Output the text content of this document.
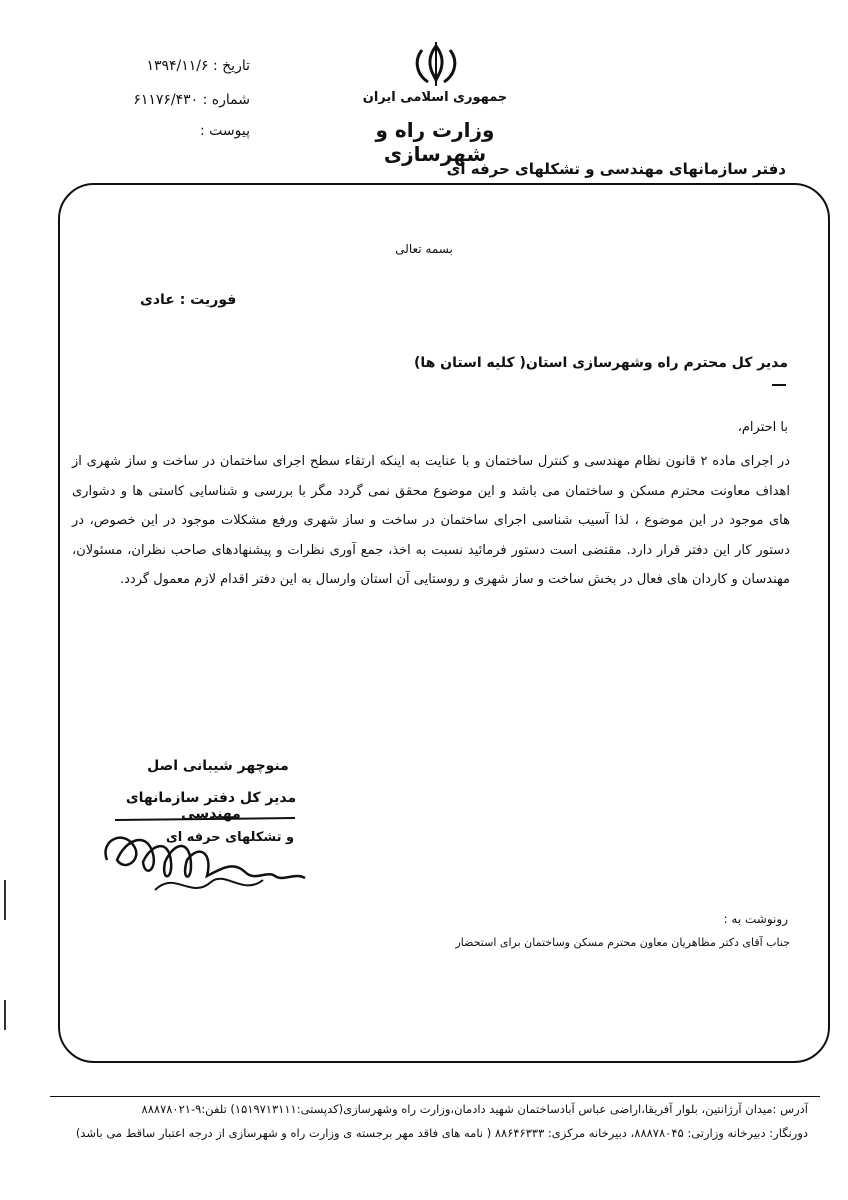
جمهوری اسلامی ایران
وزارت راه و شهرسازی
تاریخ : ۱۳۹۴/۱۱/۶
شماره : ۶۱۱۷۶/۴۳۰
پیوست :
دفتر سازمانهای مهندسی و تشکلهای حرفه ای
بسمه تعالی
فوریت : عادی
مدیر کل محترم راه وشهرسازی استان( کلیه استان ها)
با احترام،
در اجرای ماده ۲ قانون نظام مهندسی و کنترل ساختمان و با عنایت به اینکه ارتقاء سطح اجرای ساختمان در ساخت و ساز شهری از اهداف معاونت محترم مسکن و ساختمان می باشد و این موضوع محقق نمی گردد مگر با بررسی و شناسایی کاستی ها و دشواری های موجود در این موضوع ، لذا آسیب شناسی اجرای ساختمان در ساخت و ساز شهری ورفع مشکلات موجود در این خصوص، در دستور کار این دفتر قرار دارد. مقتضی است دستور فرمائید نسبت به اخذ، جمع آوری نظرات و پیشنهادهای صاحب نظران، مسئولان، مهندسان و کاردان های فعال در بخش ساخت و ساز شهری و روستایی آن استان وارسال به این دفتر اقدام لازم معمول گردد.
منوچهر شیبانی اصل
مدیر کل دفتر سازمانهای مهندسی
و تشکلهای حرفه ای
رونوشت به :
جناب آقای دکتر مظاهریان معاون محترم مسکن وساختمان برای استحضار
آدرس :میدان آرژانتین، بلوار آفریقا،اراضی عباس آبادساختمان شهید دادمان،وزارت راه وشهرسازی(کدپستی:۱۵۱۹۷۱۳۱۱۱) تلفن:۹-۸۸۸۷۸۰۲۱
دورنگار: دبیرخانه وزارتی: ۸۸۸۷۸۰۴۵، دبیرخانه مرکزی: ۸۸۶۴۶۳۳۳ ( نامه های فاقد مهر برجسته ی وزارت راه و شهرسازی از درجه اعتبار ساقط می باشد)
